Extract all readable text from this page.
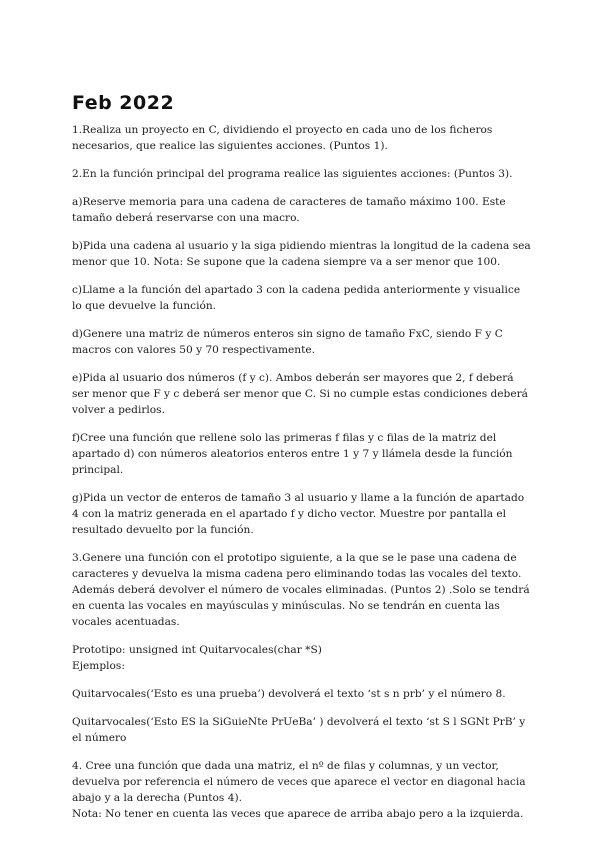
Feb 2022

1.Realiza un proyecto en C, dividiendo el proyecto en cada uno de los ficheros necesarios, que realice las siguientes acciones. (Puntos 1).

2.En la función principal del programa realice las siguientes acciones: (Puntos 3).

a)Reserve memoria para una cadena de caracteres de tamaño máximo 100. Este tamaño deberá reservarse con una macro.

b)Pida una cadena al usuario y la siga pidiendo mientras la longitud de la cadena sea menor que 10. Nota: Se supone que la cadena siempre va a ser menor que 100.

c)Llame a la función del apartado 3 con la cadena pedida anteriormente y visualice lo que devuelve la función.

d)Genere una matriz de números enteros sin signo de tamaño FxC, siendo F y C macros con valores 50 y 70 respectivamente.

e)Pida al usuario dos números (f y c). Ambos deberán ser mayores que 2, f deberá ser menor que F y c deberá ser menor que C. Si no cumple estas condiciones deberá volver a pedirlos.

f)Cree una función que rellene solo las primeras f filas y c filas de la matriz del apartado d) con números aleatorios enteros entre 1 y 7 y llámela desde la función principal.

g)Pida un vector de enteros de tamaño 3 al usuario y llame a la función de apartado 4 con la matriz generada en el apartado f y dicho vector. Muestre por pantalla el resultado devuelto por la función.

3.Genere una función con el prototipo siguiente, a la que se le pase una cadena de caracteres y devuelva la misma cadena pero eliminando todas las vocales del texto. Además deberá devolver el número de vocales eliminadas. (Puntos 2) .Solo se tendrá en cuenta las vocales en mayúsculas y minúsculas. No se tendrán en cuenta las vocales acentuadas.

Prototipo: unsigned int Quitarvocales(char *S)
Ejemplos:

Quitarvocales(‘Esto es una prueba’) devolverá el texto ‘st s n prb’ y el número 8.

Quitarvocales(‘Esto ES la SiGuieNte PrUeBa’ ) devolverá el texto ‘st S l SGNt PrB’ y el número

4. Cree una función que dada una matriz, el nº de filas y columnas, y un vector, devuelva por referencia el número de veces que aparece el vector en diagonal hacia abajo y a la derecha (Puntos 4).
Nota: No tener en cuenta las veces que aparece de arriba abajo pero a la izquierda.
